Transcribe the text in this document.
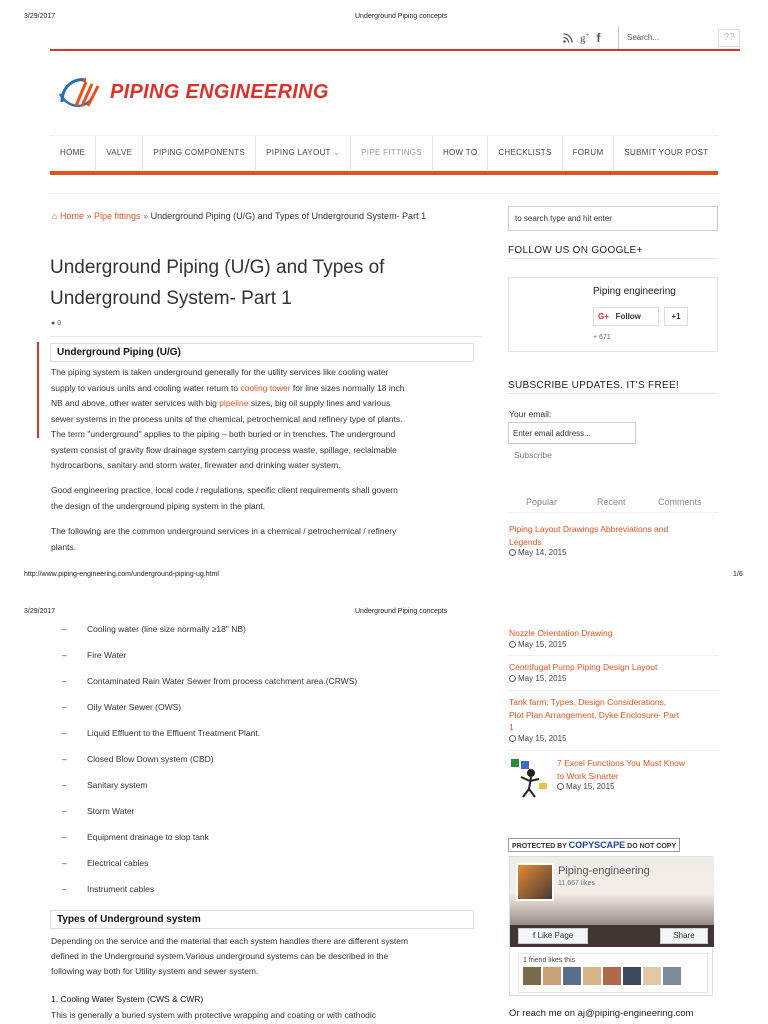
3/29/2017	Underground Piping concepts
g+ f	Search...	??
PIPING ENGINEERING
HOME	VALVE	PIPING COMPONENTS	PIPING LAYOUT ⌄	PIPE FITTINGS	HOW TO	CHECKLISTS	FORUM	SUBMIT YOUR POST
⌂ Home » Pipe fittings » Underground Piping (U/G) and Types of Underground System- Part 1
Underground Piping (U/G) and Types of
Underground System- Part 1
● 0
Underground Piping (U/G)
The piping system is taken underground generally for the utility services like cooling water
supply to various units and cooling water return to cooling tower for line sizes normally 18 inch
NB and above, other water services with big pipeline sizes, big oil supply lines and various
sewer systems in the process units of the chemical, petrochemical and refinery type of plants.
The term "underground" applies to the piping – both buried or in trenches. The underground
system consist of gravity flow drainage system carrying process waste, spillage, reclaimable
hydrocarbons, sanitary and storm water, firewater and drinking water system.
Good engineering practice, local code / regulations, specific client requirements shall govern
the design of the underground piping system in the plant.
The following are the common underground services in a chemical / petrochemical / refinery
plants.
http://www.piping-engineering.com/underground-piping-ug.html	1/6
3/29/2017	Underground Piping concepts
– Cooling water (line size normally ≥18" NB)
– Fire Water
– Contaminated Rain Water Sewer from process catchment area.(CRWS)
– Oily Water Sewer (OWS)
– Liquid Effluent to the Effluent Treatment Plant.
– Closed Blow Down system (CBD)
– Sanitary system
– Storm Water
– Equipment drainage to slop tank
– Electrical cables
– Instrument cables
Types of Underground system
Depending on the service and the material that each system handles there are different system
defined in the Underground system.Various underground systems can be described in the
following way both for Utility system and sewer system.
1. Cooling Water System (CWS & CWR)
This is generally a buried system with protective wrapping and coating or with cathodic
to search type and hit enter
FOLLOW US ON GOOGLE+
Piping engineering
G+ Follow	+1
+ 671
SUBSCRIBE UPDATES. IT'S FREE!
Your email:
Enter email address...
Subscribe
Popular	Recent	Comments
Piping Layout Drawings Abbreviations and
Legends
May 14, 2015
Nozzle Orientation Drawing
May 15, 2015
Centrifugal Pump Piping Design Layout
May 15, 2015
Tank farm: Types, Design Considerations,
Plot Plan Arrangement, Dyke Enclosure- Part
1
May 15, 2015
7 Excel Functions You Must Know
to Work Smarter
May 15, 2015
PROTECTED BY COPYSCAPE DO NOT COPY
Piping-engineering
11,667 likes
f Like Page	Share
1 friend likes this
Or reach me on aj@piping-engineering.com
